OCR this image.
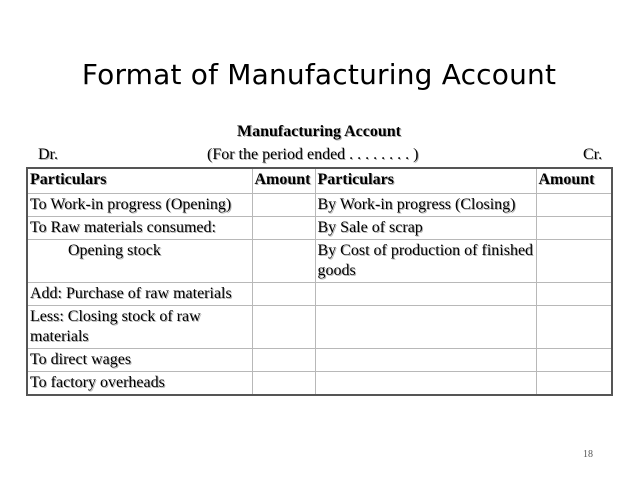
Format of Manufacturing Account
Manufacturing Account
Dr.	(For the period ended . . . . . . . . )	Cr.
Particulars	Amount	Particulars	Amount
To Work-in progress (Opening)		By Work-in progress (Closing)	
To Raw materials consumed:		By Sale of scrap	
Opening stock		By Cost of production of finished goods	
Add: Purchase of raw materials			
Less: Closing stock of raw materials			
To direct wages			
To factory overheads			
18
